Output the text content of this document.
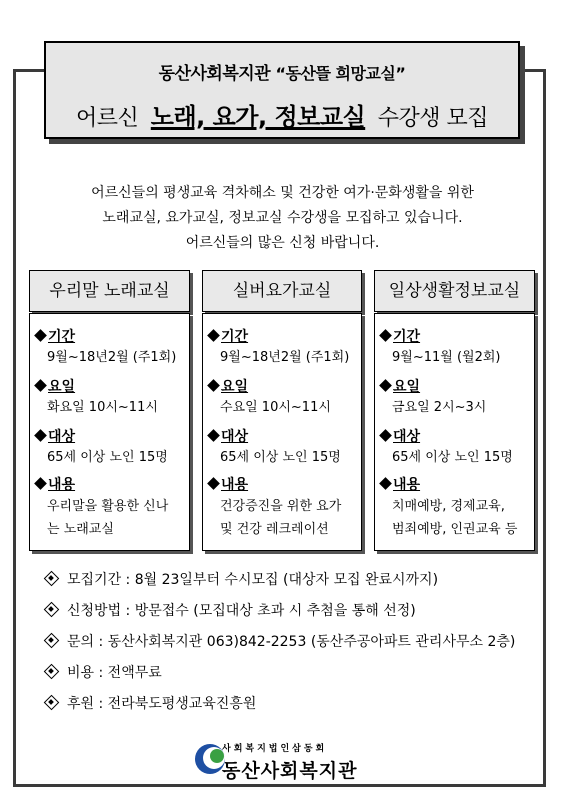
동산사회복지관 “동산뜰 희망교실”
어르신 노래, 요가, 정보교실 수강생 모집
어르신들의 평생교육 격차해소 및 건강한 여가·문화생활을 위한
노래교실, 요가교실, 정보교실 수강생을 모집하고 있습니다.
어르신들의 많은 신청 바랍니다.
우리말 노래교실
기간
9월~18년2월 (주1회)
요일
화요일 10시~11시
대상
65세 이상 노인 15명
내용
우리말을 활용한 신나
는 노래교실
실버요가교실
기간
9월~18년2월 (주1회)
요일
수요일 10시~11시
대상
65세 이상 노인 15명
내용
건강증진을 위한 요가
및 건강 레크레이션
일상생활정보교실
기간
9월~11월 (월2회)
요일
금요일 2시~3시
대상
65세 이상 노인 15명
내용
치매예방, 경제교육,
범죄예방, 인권교육 등
모집기간 : 8월 23일부터 수시모집 (대상자 모집 완료시까지)
신청방법 : 방문접수 (모집대상 초과 시 추첨을 통해 선정)
문의 : 동산사회복지관 063)842-2253 (동산주공아파트 관리사무소 2층)
비용 : 전액무료
후원 : 전라북도평생교육진흥원
사회복지법인삼동회
동산사회복지관
